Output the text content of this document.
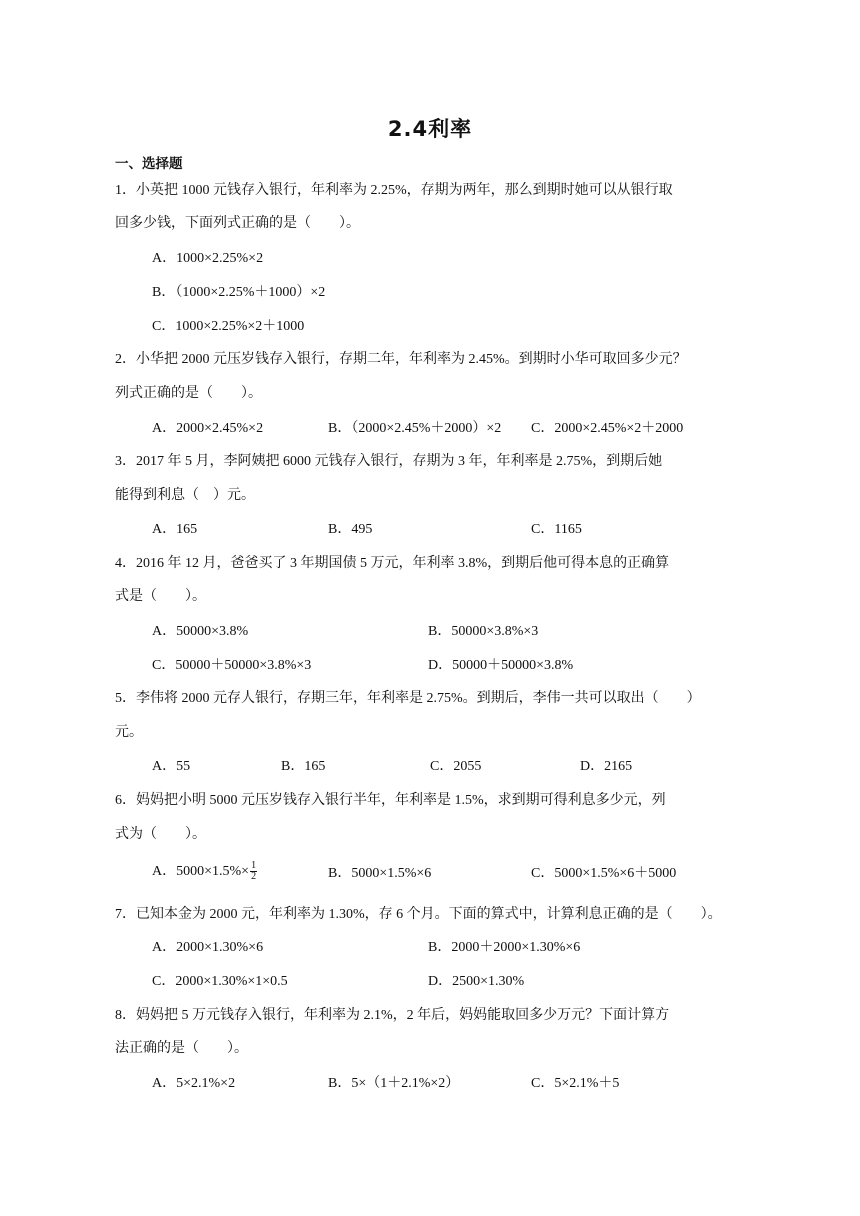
2.4利率
一、选择题
1．小英把 1000 元钱存入银行，年利率为 2.25%，存期为两年，那么到期时她可以从银行取
回多少钱，下面列式正确的是（　　）。
A．1000×2.25%×2
B．（1000×2.25%＋1000）×2
C．1000×2.25%×2＋1000
2．小华把 2000 元压岁钱存入银行，存期二年，年利率为 2.45%。到期时小华可取回多少元？
列式正确的是（　　）。
A．2000×2.45%×2	B．（2000×2.45%＋2000）×2 C．2000×2.45%×2＋2000
3．2017 年 5 月，李阿姨把 6000 元钱存入银行，存期为 3 年，年利率是 2.75%，到期后她
能得到利息（　）元。
A．165	B．495	C．1165
4．2016 年 12 月，爸爸买了 3 年期国债 5 万元，年利率 3.8%，到期后他可得本息的正确算
式是（　　）。
A．50000×3.8%	B．50000×3.8%×3
C．50000＋50000×3.8%×3	D．50000＋50000×3.8%
5．李伟将 2000 元存人银行，存期三年，年利率是 2.75%。到期后，李伟一共可以取出（　　）
元。
A．55	B．165	C．2055	D．2165
6．妈妈把小明 5000 元压岁钱存入银行半年，年利率是 1.5%，求到期可得利息多少元，列
式为（　　）。
A．$5000\times 1.5\%\times \frac{1}{2}$	B．5000×1.5%×6	C．5000×1.5%×6＋5000
7．已知本金为 2000 元，年利率为 1.30%，存 6 个月。下面的算式中，计算利息正确的是（　　）。
A．2000×1.30%×6	B．2000＋2000×1.30%×6
C．2000×1.30%×1×0.5	D．2500×1.30%
8．妈妈把 5 万元钱存入银行，年利率为 2.1%，2 年后，妈妈能取回多少万元？下面计算方
法正确的是（　　）。
A．5×2.1%×2	B．5×（1＋2.1%×2）	C．5×2.1%＋5
